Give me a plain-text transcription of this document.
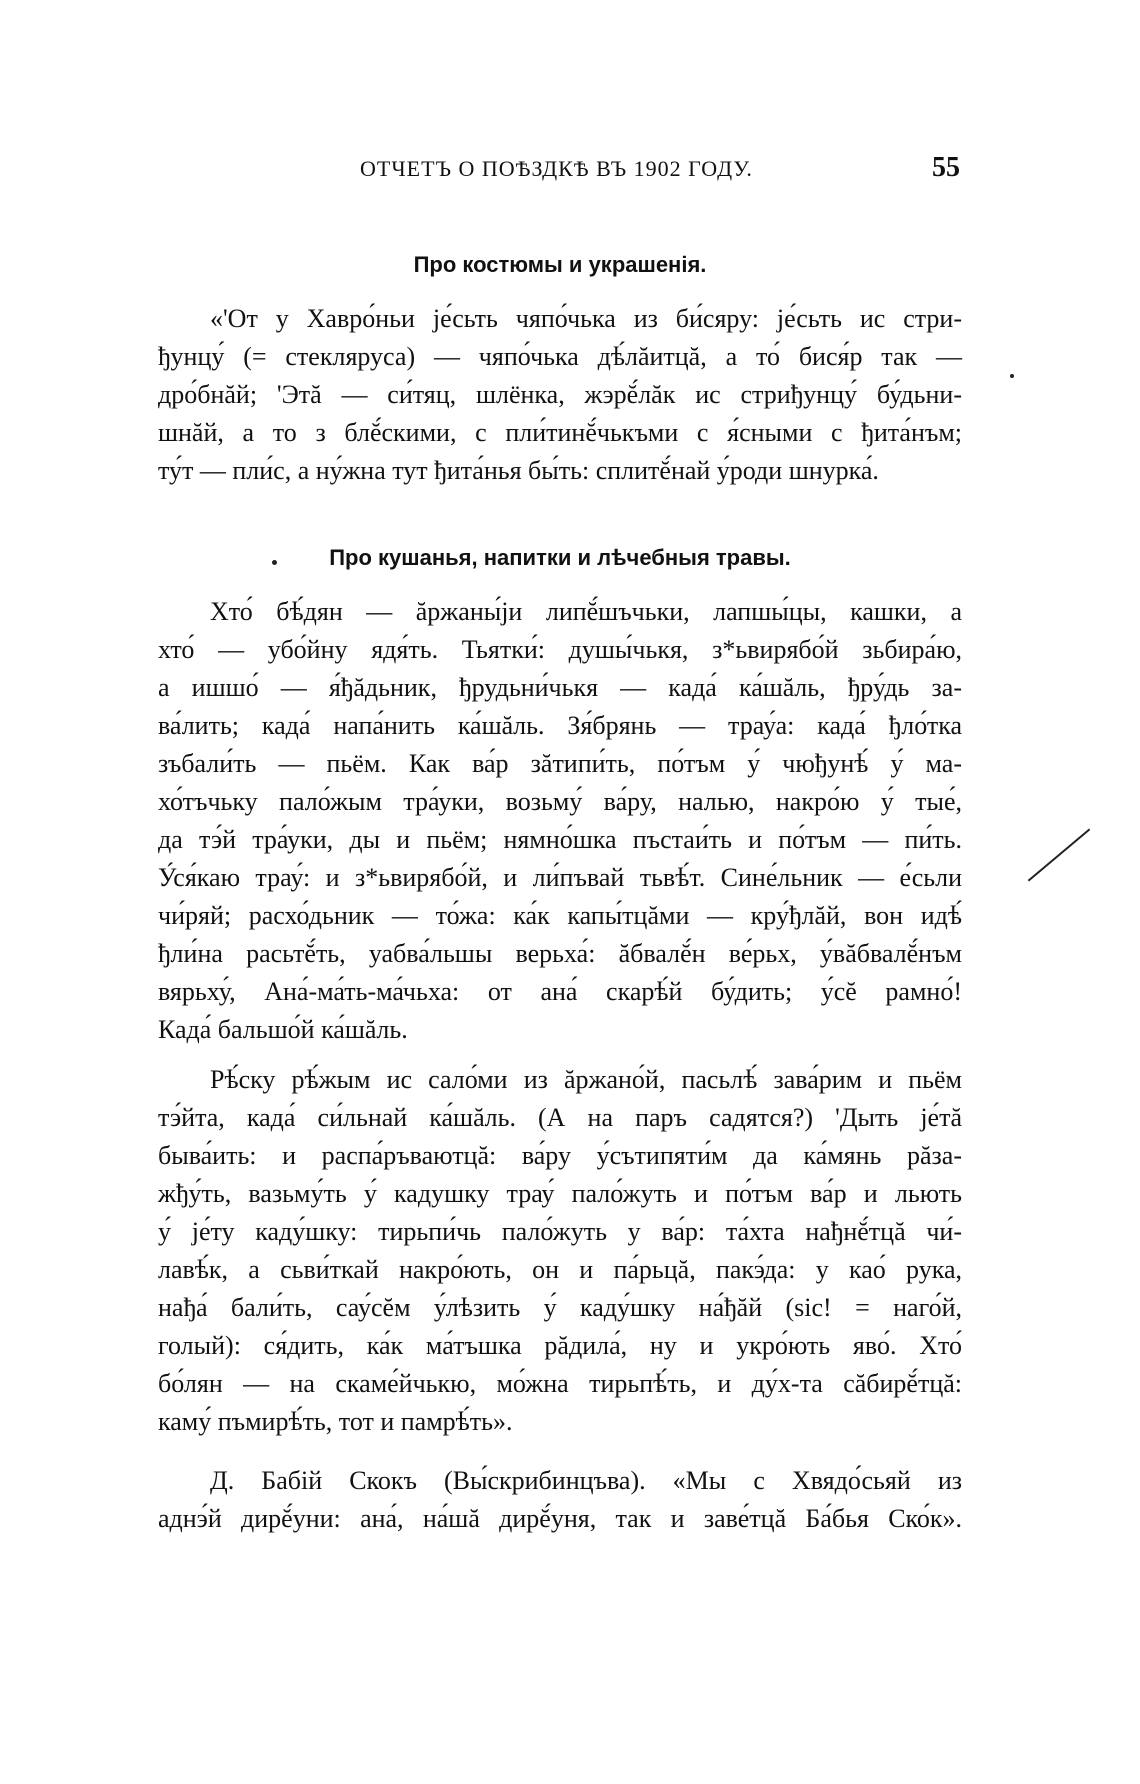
ОТЧЕТЪ О ПОѢЗДКѢ ВЪ 1902 ГОДУ.	55
Про костюмы и украшенія.
«'От у Хавро́ньи jе́сьть чяпо́чька из би́сяру: jе́сьть ис стри-
ђунцу́ (= стекляруса) — чяпо́чька дѣ́лăитцă, а то́ бися́р так —
дро́бнăй; 'Этă — си́тяц, шлёнка, жэрĕ́лăк ис стриђунцу́ бу́дьни-
шнăй, а то з блĕ́скими, с пли́тинĕ́чькъми с я́сными с ђита́нъм;
ту́т — пли́с, а ну́жна тут ђита́нья бы́ть: сплитĕ́най у́роди шнурка́.
Про кушанья, напитки и лѣчебныя травы.
Хто́ бѣ́дян — ăржаны́jи липĕ́шъчьки, лапшы́цы, кашки, а
хто́ — убо́йну ядя́ть. Тьятки́: душы́чькя, з*ьвирябо́й зьбира́ю,
а ишшо́ — я́ђăдьник, ђрудьни́чькя — када́ ка́шăль, ђру́дь за-
ва́лить; када́ напа́нить ка́шăль. Зя́брянь — трау́а: када́ ђло́тка
зъбали́ть — пьём. Как ва́р зăтипи́ть, по́тъм у́ чюђунѣ́ у́ ма-
хо́тъчьку пало́жым тра́уки, возьму́ ва́ру, налью, накро́ю у́ тые́,
да тэ́й тра́уки, ды и пьём; нямно́шка пъстаи́ть и по́тъм — пи́ть.
У́ся́каю трау́: и з*ьвирябо́й, и ли́пъвай тьвѣ́т. Сине́льник — е́сьли
чи́ряй; расхо́дьник — то́жа: ка́к капы́тцăми — кру́ђлăй, вон идѣ́
ђли́на расьтĕ́ть, уабва́льшы верьха́: ăбвалĕ́н ве́рьх, у́вăбвалĕ́нъм
вярьху́, Ана́-ма́ть-ма́чьха: от ана́ скарѣ́й бу́дить; у́сĕ рамно́!
Када́ бальшо́й ка́шăль.
Рѣ́ску рѣ́жым ис сало́ми из ăржано́й, пасьлѣ́ зава́рим и пьём
тэ́йта, када́ си́льнай ка́шăль. (А на паръ садятся?) 'Дыть jе́тă
быва́ить: и распа́ръваютцă: ва́ру у́сътипяти́м да ка́мянь рăза-
жђу́ть, вазьму́ть у́ кадушку трау́ пало́жуть и по́тъм ва́р и льють
у́ jе́ту каду́шку: тирьпи́чь пало́жуть у ва́р: та́хта нађнĕ́тцă чи́-
лавѣ́к, а сьви́ткай накро́ють, он и па́рьцă, пакэ́да: у као́ рука,
нађа́ бали́ть, сау́сĕм у́лѣзить у́ каду́шку на́ђăй (sic! = наго́й,
голый): ся́дить, ка́к ма́тъшка рăдила́, ну и укро́ють яво́. Хто́
бо́лян — на скаме́йчькю, мо́жна тирьпѣ́ть, и ду́х-та сăбирĕ́тцă:
каму́ пъмирѣ́ть, тот и памрѣ́ть».
Д. Бабій Скокъ (Вы́скрибинцъва). «Мы с Хвядо́сьяй из
аднэ́й дирĕ́уни: ана́, на́шă дирĕ́уня, так и заве́тцă Ба́бья Ско́к».
